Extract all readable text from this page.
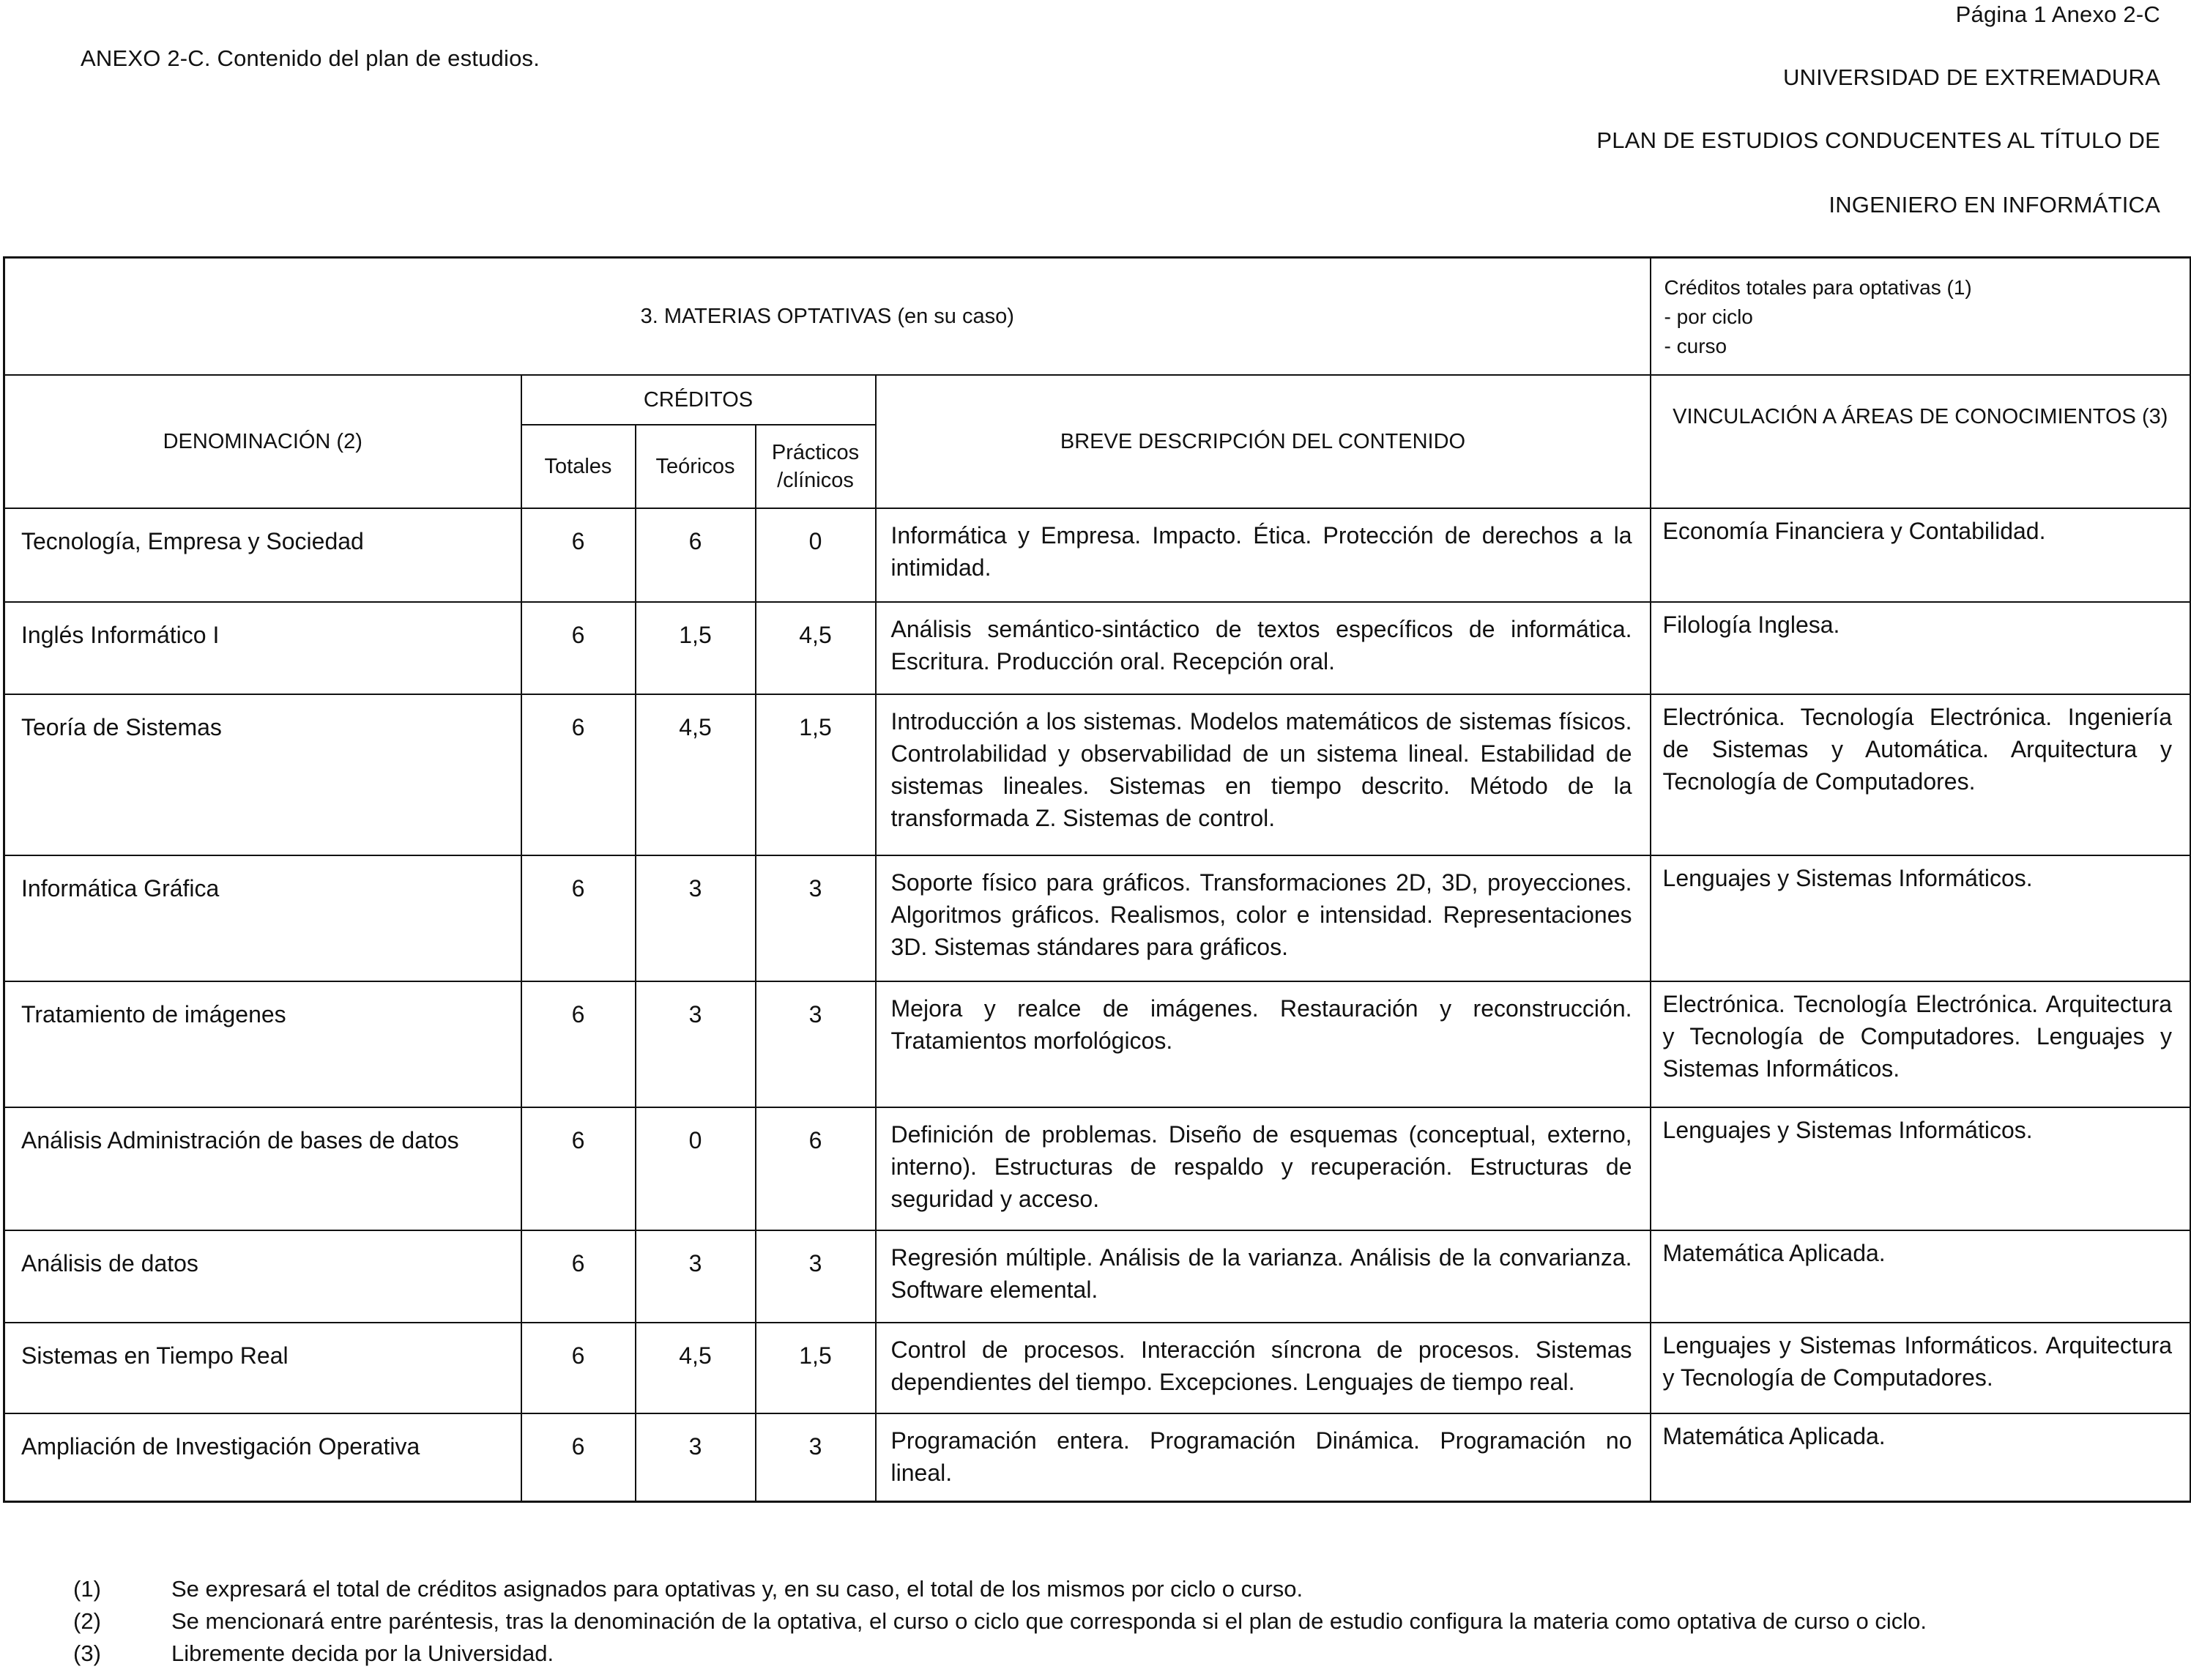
Página 1 Anexo 2-C
ANEXO 2-C. Contenido del plan de estudios.
UNIVERSIDAD DE EXTREMADURA
PLAN DE ESTUDIOS CONDUCENTES AL TÍTULO DE
INGENIERO EN INFORMÁTICA
3. MATERIAS OPTATIVAS (en su caso)					Créditos totales para optativas (1)
- por ciclo
- curso

DENOMINACIÓN (2)	CRÉDITOS			BREVE DESCRIPCIÓN DEL CONTENIDO	VINCULACIÓN A ÁREAS DE CONOCIMIENTOS (3)
	Totales	Teóricos	Prácticos /clínicos		
Tecnología, Empresa y Sociedad	6	6	0	Informática y Empresa. Impacto. Ética. Protección de derechos a la intimidad.	Economía Financiera y Contabilidad.
Inglés Informático I	6	1,5	4,5	Análisis semántico-sintáctico de textos específicos de informática. Escritura. Producción oral. Recepción oral.	Filología Inglesa.
Teoría de Sistemas	6	4,5	1,5	Introducción a los sistemas. Modelos matemáticos de sistemas físicos. Controlabilidad y observabilidad de un sistema lineal. Estabilidad de sistemas lineales. Sistemas en tiempo descrito. Método de la transformada Z. Sistemas de control.	Electrónica. Tecnología Electrónica. Ingeniería de Sistemas y Automática. Arquitectura y Tecnología de Computadores.
Informática Gráfica	6	3	3	Soporte físico para gráficos. Transformaciones 2D, 3D, proyecciones. Algoritmos gráficos. Realismos, color e intensidad. Representaciones 3D. Sistemas stándares para gráficos.	Lenguajes y Sistemas Informáticos.
Tratamiento de imágenes	6	3	3	Mejora y realce de imágenes. Restauración y reconstrucción. Tratamientos morfológicos.	Electrónica. Tecnología Electrónica. Arquitectura y Tecnología de Computadores. Lenguajes y Sistemas Informáticos.
Análisis Administración de bases de datos	6	0	6	Definición de problemas. Diseño de esquemas (conceptual, externo, interno). Estructuras de respaldo y recuperación. Estructuras de seguridad y acceso.	Lenguajes y Sistemas Informáticos.
Análisis de datos	6	3	3	Regresión múltiple. Análisis de la varianza. Análisis de la convarianza. Software elemental.	Matemática Aplicada.
Sistemas en Tiempo Real	6	4,5	1,5	Control de procesos. Interacción síncrona de procesos. Sistemas dependientes del tiempo. Excepciones. Lenguajes de tiempo real.	Lenguajes y Sistemas Informáticos. Arquitectura y Tecnología de Computadores.
Ampliación de Investigación Operativa	6	3	3	Programación entera. Programación Dinámica. Programación no lineal.	Matemática Aplicada.
(1)	Se expresará el total de créditos asignados para optativas y, en su caso, el total de los mismos por ciclo o curso.
(2)	Se mencionará entre paréntesis, tras la denominación de la optativa, el curso o ciclo que corresponda si el plan de estudio configura la materia como optativa de curso o ciclo.
(3)	Libremente decida por la Universidad.
